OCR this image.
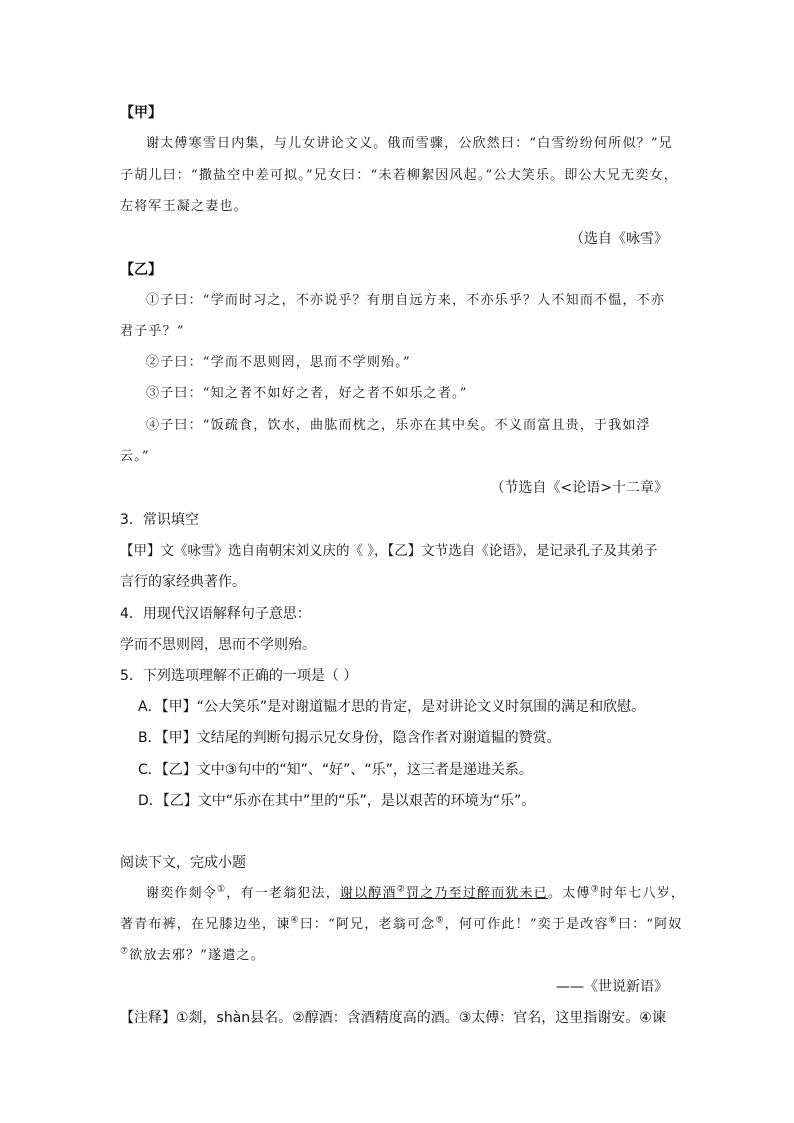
【甲】
谢太傅寒雪日内集，与儿女讲论文义。俄而雪骤，公欣然曰：“白雪纷纷何所似？”兄
子胡儿曰：“撒盐空中差可拟。”兄女曰：“未若柳絮因风起。”公大笑乐。即公大兄无奕女，
左将军王凝之妻也。
（选自《咏雪》
【乙】
①子曰：“学而时习之，不亦说乎？有朋自远方来，不亦乐乎？人不知而不愠，不亦
君子乎？”
②子曰：“学而不思则罔，思而不学则殆。”
③子曰：“知之者不如好之者，好之者不如乐之者。”
④子曰：“饭疏食，饮水，曲肱而枕之，乐亦在其中矣。不义而富且贵，于我如浮
云。”
（节选自《<论语>十二章》
3．常识填空
【甲】文《咏雪》选自南朝宋刘义庆的《 》，【乙】文节选自《论语》，是记录孔子及其弟子
言行的家经典著作。
4．用现代汉语解释句子意思：
学而不思则罔，思而不学则殆。
5．下列选项理解不正确的一项是（ ）
A．【甲】“公大笑乐”是对谢道韫才思的肯定，是对讲论文义时氛围的满足和欣慰。
B．【甲】文结尾的判断句揭示兄女身份，隐含作者对谢道韫的赞赏。
C．【乙】文中③句中的“知”、“好”、“乐”，这三者是递进关系。
D．【乙】文中“乐亦在其中”里的“乐”，是以艰苦的环境为“乐”。
阅读下文，完成小题
谢奕作剡令①，有一老翁犯法，谢以醇酒②罚之乃至过醉而犹未已。太傅③时年七八岁，
著青布裤，在兄膝边坐，谏④曰：“阿兄，老翁可念⑤，何可作此！”奕于是改容⑥曰：“阿奴
⑦欲放去邪？”遂遣之。
——《世说新语》
【注释】①剡，shàn县名。②醇酒：含酒精度高的酒。③太傅：官名，这里指谢安。④谏
